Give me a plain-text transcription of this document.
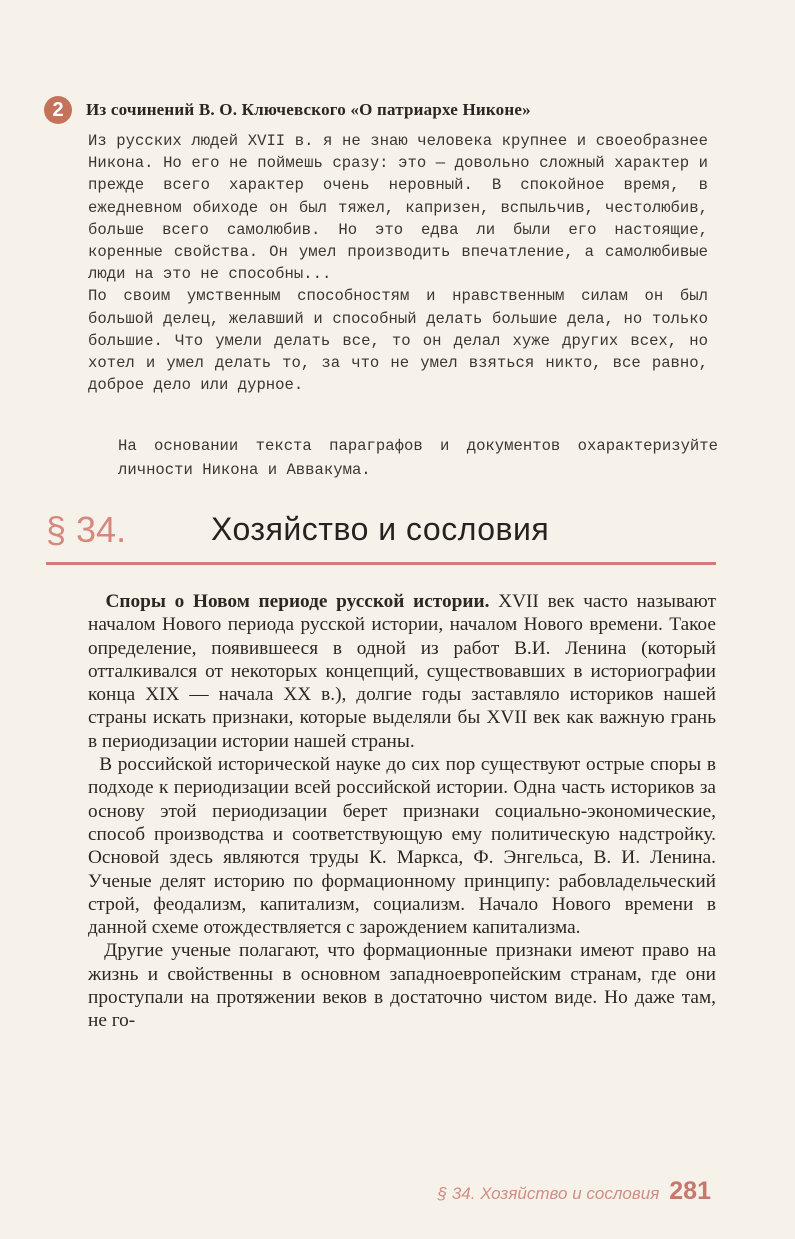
2	Из сочинений В. О. Ключевского «О патриархе Никоне»

Из русских людей XVII в. я не знаю человека крупнее и своеобразнее Никона. Но его не поймешь сразу: это — довольно сложный характер и прежде всего характер очень неровный. В спокойное время, в ежедневном обиходе он был тяжел, капризен, вспыльчив, честолюбив, больше всего самолюбив. Но это едва ли были его настоящие, коренные свойства. Он умел производить впечатление, а самолюбивые люди на это не способны...

По своим умственным способностям и нравственным силам он был большой делец, желавший и способный делать большие дела, но только большие. Что умели делать все, то он делал хуже других всех, но хотел и умел делать то, за что не умел взяться никто, все равно, доброе дело или дурное.

На основании текста параграфов и документов охарактеризуйте личности Никона и Аввакума.
§ 34.	Хозяйство и сословия

Споры о Новом периоде русской истории. XVII век часто называют началом Нового периода русской истории, началом Нового времени. Такое определение, появившееся в одной из работ В.И. Ленина (который отталкивался от некоторых концепций, существовавших в историографии конца XIX — начала XX в.), долгие годы заставляло историков нашей страны искать признаки, которые выделяли бы XVII век как важную грань в периодизации истории нашей страны.

В российской исторической науке до сих пор существуют острые споры в подходе к периодизации всей российской истории. Одна часть историков за основу этой периодизации берет признаки социально-экономические, способ производства и соответствующую ему политическую надстройку. Основой здесь являются труды К. Маркса, Ф. Энгельса, В. И. Ленина. Ученые делят историю по формационному принципу: рабовладельческий строй, феодализм, капитализм, социализм. Начало Нового времени в данной схеме отождествляется с зарождением капитализма.

Другие ученые полагают, что формационные признаки имеют право на жизнь и свойственны в основном западноевропейским странам, где они проступали на протяжении веков в достаточно чистом виде. Но даже там, не го-

§ 34. Хозяйство и сословия 281
